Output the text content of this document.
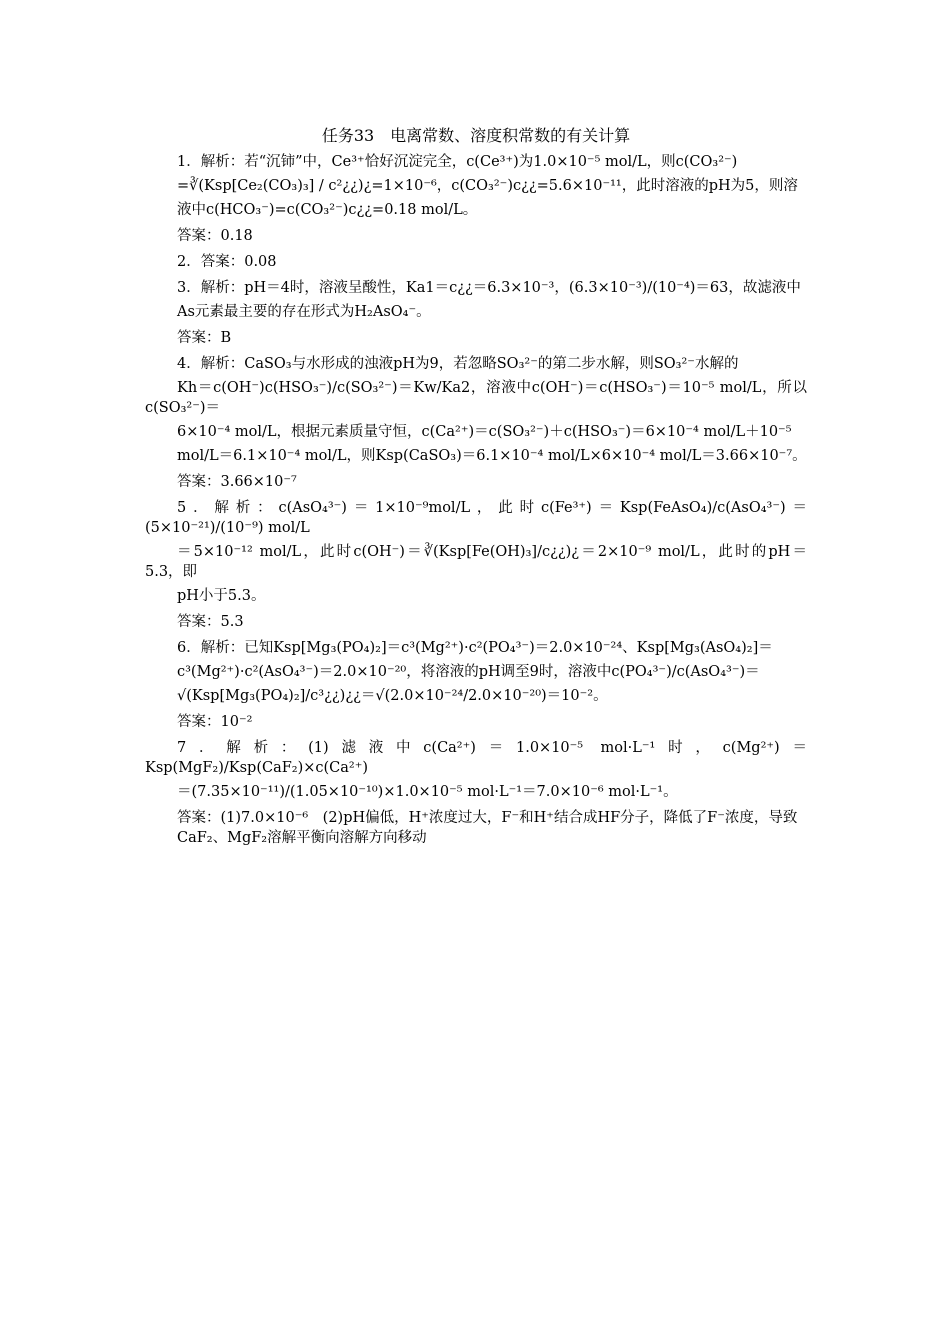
任务33　电离常数、溶度积常数的有关计算

1．解析：若“沉铈”中，Ce³⁺恰好沉淀完全，c(Ce³⁺)为1.0×10⁻⁵ mol/L，则c(CO₃²⁻)

=∛(Ksp[Ce₂(CO₃)₃] / c²¿¿)¿=1×10⁻⁶，c(CO₃²⁻)c¿¿=5.6×10⁻¹¹，此时溶液的pH为5，则溶

液中c(HCO₃⁻)=c(CO₃²⁻)c¿¿=0.18 mol/L。

答案：0.18
2．答案：0.08

3．解析：pH＝4时，溶液呈酸性，Ka1＝c¿¿＝6.3×10⁻³，(6.3×10⁻³)/(10⁻⁴)＝63，故滤液中

As元素最主要的存在形式为H₂AsO₄⁻。

答案：B

4．解析：CaSO₃与水形成的浊液pH为9，若忽略SO₃²⁻的第二步水解，则SO₃²⁻水解的

Kh＝c(OH⁻)c(HSO₃⁻)/c(SO₃²⁻)＝Kw/Ka2，溶液中c(OH⁻)＝c(HSO₃⁻)＝10⁻⁵ mol/L，所以c(SO₃²⁻)＝

6×10⁻⁴ mol/L，根据元素质量守恒，c(Ca²⁺)＝c(SO₃²⁻)＋c(HSO₃⁻)＝6×10⁻⁴ mol/L＋10⁻⁵

mol/L＝6.1×10⁻⁴ mol/L，则Ksp(CaSO₃)＝6.1×10⁻⁴ mol/L×6×10⁻⁴ mol/L＝3.66×10⁻⁷。

答案：3.66×10⁻⁷

5．解析：c(AsO₄³⁻)＝1×10⁻⁹mol/L，此时c(Fe³⁺)＝Ksp(FeAsO₄)/c(AsO₄³⁻)＝(5×10⁻²¹)/(10⁻⁹) mol/L

＝5×10⁻¹² mol/L，此时c(OH⁻)＝∛(Ksp[Fe(OH)₃]/c¿¿)¿＝2×10⁻⁹ mol/L，此时的pH＝5.3，即

pH小于5.3。

答案：5.3

6．解析：已知Ksp[Mg₃(PO₄)₂]＝c³(Mg²⁺)·c²(PO₄³⁻)＝2.0×10⁻²⁴、Ksp[Mg₃(AsO₄)₂]＝

c³(Mg²⁺)·c²(AsO₄³⁻)＝2.0×10⁻²⁰，将溶液的pH调至9时，溶液中c(PO₄³⁻)/c(AsO₄³⁻)＝

√(Ksp[Mg₃(PO₄)₂]/c³¿¿)¿¿＝√(2.0×10⁻²⁴/2.0×10⁻²⁰)＝10⁻²。

答案：10⁻²

7．解析：(1)滤液中c(Ca²⁺)＝1.0×10⁻⁵ mol·L⁻¹时，c(Mg²⁺)＝Ksp(MgF₂)/Ksp(CaF₂)×c(Ca²⁺)

＝(7.35×10⁻¹¹)/(1.05×10⁻¹⁰)×1.0×10⁻⁵ mol·L⁻¹＝7.0×10⁻⁶ mol·L⁻¹。

答案：(1)7.0×10⁻⁶　(2)pH偏低，H⁺浓度过大，F⁻和H⁺结合成HF分子，降低了F⁻浓度，导致CaF₂、MgF₂溶解平衡向溶解方向移动
